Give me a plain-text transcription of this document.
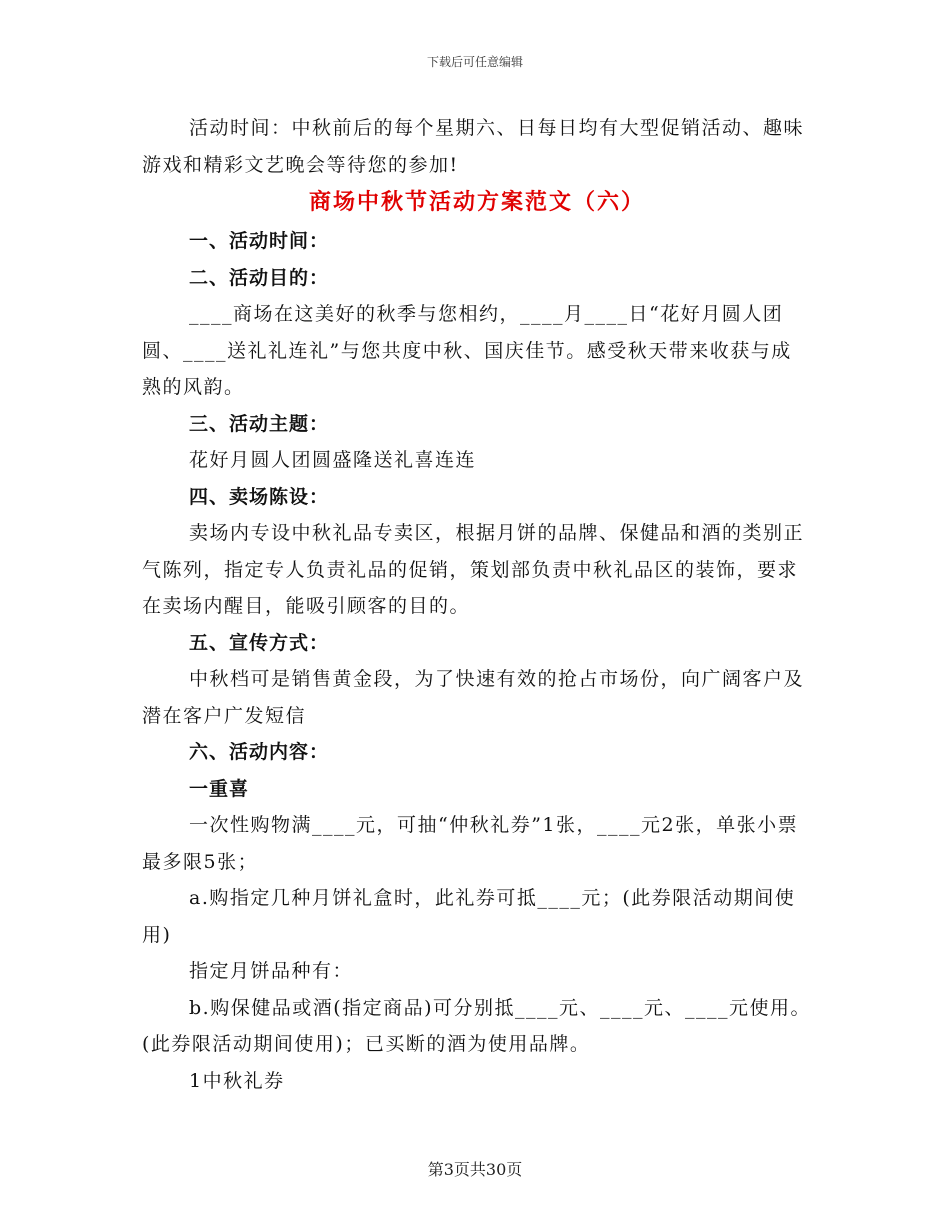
下载后可任意编辑

活动时间：中秋前后的每个星期六、日每日均有大型促销活动、趣味游戏和精彩文艺晚会等待您的参加!

商场中秋节活动方案范文（六）

一、活动时间：

二、活动目的：

____商场在这美好的秋季与您相约，____月____日“花好月圆人团圆、____送礼礼连礼”与您共度中秋、国庆佳节。感受秋天带来收获与成熟的风韵。

三、活动主题：

花好月圆人团圆盛隆送礼喜连连

四、卖场陈设：

卖场内专设中秋礼品专卖区，根据月饼的品牌、保健品和酒的类别正气陈列，指定专人负责礼品的促销，策划部负责中秋礼品区的装饰，要求在卖场内醒目，能吸引顾客的目的。

五、宣传方式：

中秋档可是销售黄金段，为了快速有效的抢占市场份，向广阔客户及潜在客户广发短信

六、活动内容：

一重喜

一次性购物满____元，可抽“仲秋礼券”1张，____元2张，单张小票最多限5张；

a.购指定几种月饼礼盒时，此礼券可抵____元；(此券限活动期间使用)

指定月饼品种有：

b.购保健品或酒(指定商品)可分别抵____元、____元、____元使用。(此券限活动期间使用)；已买断的酒为使用品牌。

1中秋礼券

第3页共30页
